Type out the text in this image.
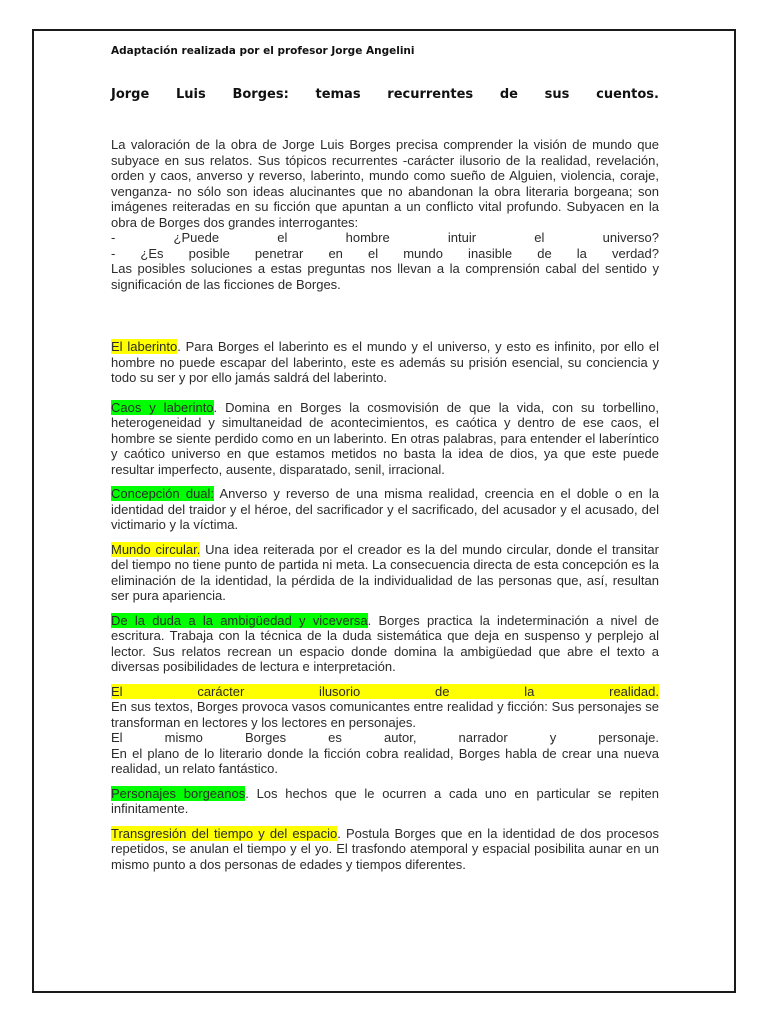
Adaptación realizada por el profesor Jorge Angelini
Jorge Luis Borges: temas recurrentes de sus cuentos.
La valoración de la obra de Jorge Luis Borges precisa comprender la visión de mundo que subyace en sus relatos. Sus tópicos recurrentes -carácter ilusorio de la realidad, revelación, orden y caos, anverso y reverso, laberinto, mundo como sueño de Alguien, violencia, coraje, venganza- no sólo son ideas alucinantes que no abandonan la obra literaria borgeana; son imágenes reiteradas en su ficción que apuntan a un conflicto vital profundo. Subyacen en la obra de Borges dos grandes interrogantes:
- ¿Puede el hombre intuir el universo?
- ¿Es posible penetrar en el mundo inasible de la verdad?
Las posibles soluciones a estas preguntas nos llevan a la comprensión cabal del sentido y significación de las ficciones de Borges.

El laberinto. Para Borges el laberinto es el mundo y el universo, y esto es infinito, por ello el hombre no puede escapar del laberinto, este es además su prisión esencial, su conciencia y todo su ser y por ello jamás saldrá del laberinto.

Caos y laberinto. Domina en Borges la cosmovisión de que la vida, con su torbellino, heterogeneidad y simultaneidad de acontecimientos, es caótica y dentro de ese caos, el hombre se siente perdido como en un laberinto. En otras palabras, para entender el laberíntico y caótico universo en que estamos metidos no basta la idea de dios, ya que este puede resultar imperfecto, ausente, disparatado, senil, irracional.

Concepción dual: Anverso y reverso de una misma realidad, creencia en el doble o en la identidad del traidor y el héroe, del sacrificador y el sacrificado, del acusador y el acusado, del victimario y la víctima.

Mundo circular. Una idea reiterada por el creador es la del mundo circular, donde el transitar del tiempo no tiene punto de partida ni meta. La consecuencia directa de esta concepción es la eliminación de la identidad, la pérdida de la individualidad de las personas que, así, resultan ser pura apariencia.

De la duda a la ambigüedad y viceversa. Borges practica la indeterminación a nivel de escritura. Trabaja con la técnica de la duda sistemática que deja en suspenso y perplejo al lector. Sus relatos recrean un espacio donde domina la ambigüedad que abre el texto a diversas posibilidades de lectura e interpretación.

El carácter ilusorio de la realidad.
En sus textos, Borges provoca vasos comunicantes entre realidad y ficción: Sus personajes se transforman en lectores y los lectores en personajes.
El mismo Borges es autor, narrador y personaje.
En el plano de lo literario donde la ficción cobra realidad, Borges habla de crear una nueva realidad, un relato fantástico.

Personajes borgeanos. Los hechos que le ocurren a cada uno en particular se repiten infinitamente.

Transgresión del tiempo y del espacio. Postula Borges que en la identidad de dos procesos repetidos, se anulan el tiempo y el yo. El trasfondo atemporal y espacial posibilita aunar en un mismo punto a dos personas de edades y tiempos diferentes.
